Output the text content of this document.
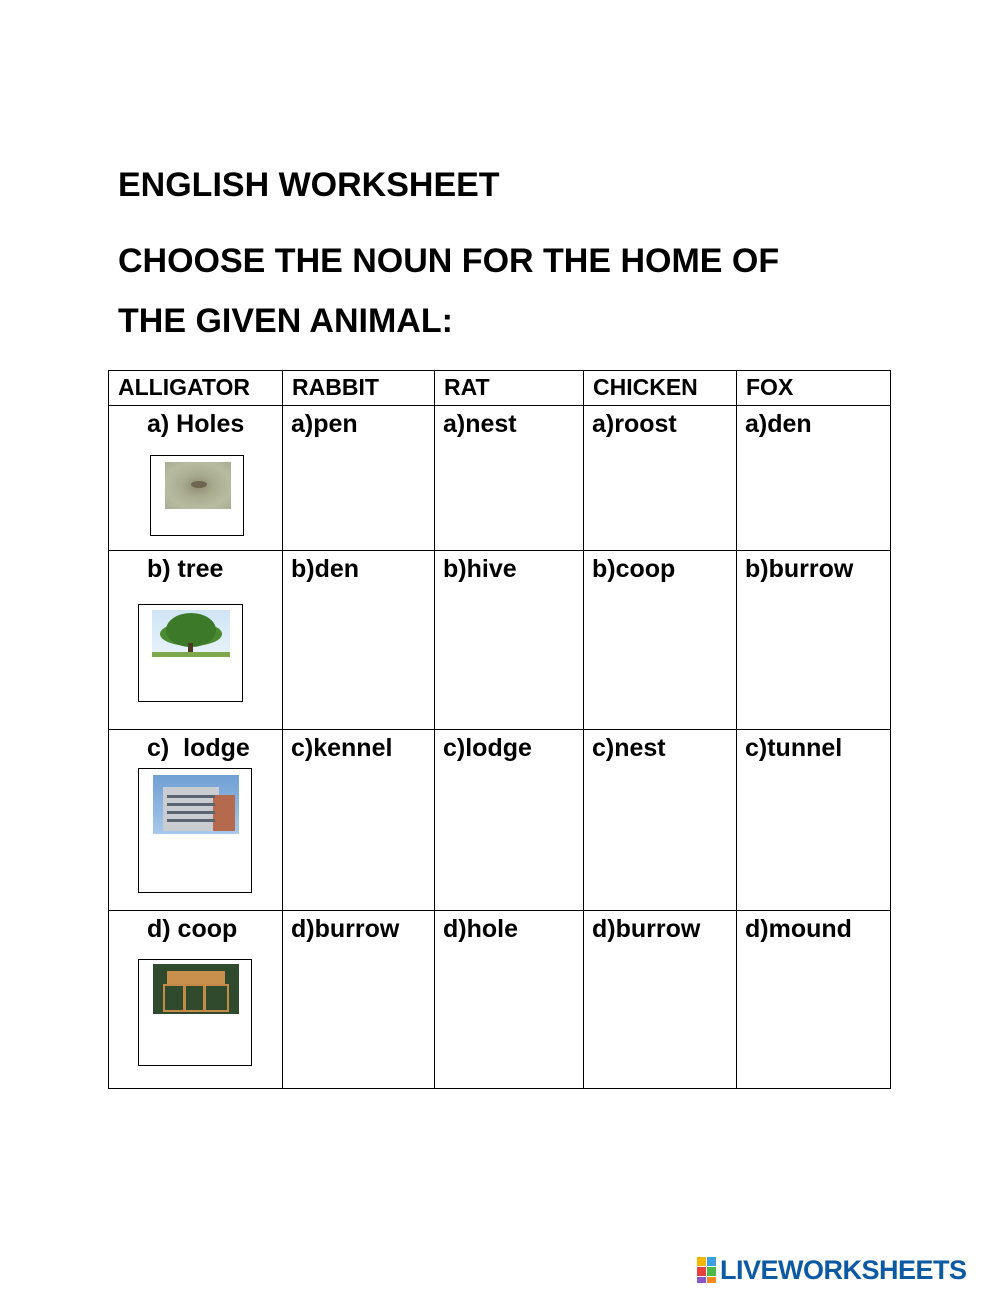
ENGLISH WORKSHEET
CHOOSE THE NOUN FOR THE HOME OF
THE GIVEN ANIMAL:
ALLIGATOR	RABBIT	RAT	CHICKEN	FOX

a) Holes	a)pen	a)nest	a)roost	a)den

b) tree	b)den	b)hive	b)coop	b)burrow

c)  lodge	c)kennel	c)lodge	c)nest	c)tunnel

d) coop	d)burrow	d)hole	d)burrow	d)mound
LIVEWORKSHEETS
